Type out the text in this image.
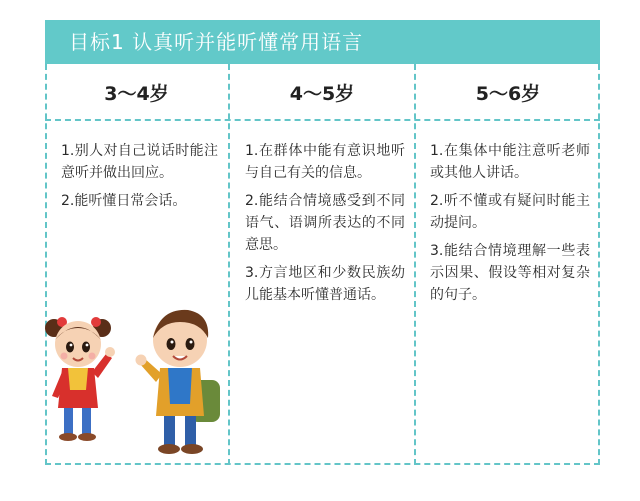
目标1 认真听并能听懂常用语言
3～4岁	4～5岁	5～6岁
1.别人对自己说话时能注意听并做出回应。
2.能听懂日常会话。
1.在群体中能有意识地听与自己有关的信息。
2.能结合情境感受到不同语气、语调所表达的不同意思。
3.方言地区和少数民族幼儿能基本听懂普通话。
1.在集体中能注意听老师或其他人讲话。
2.听不懂或有疑问时能主动提问。
3.能结合情境理解一些表示因果、假设等相对复杂的句子。
